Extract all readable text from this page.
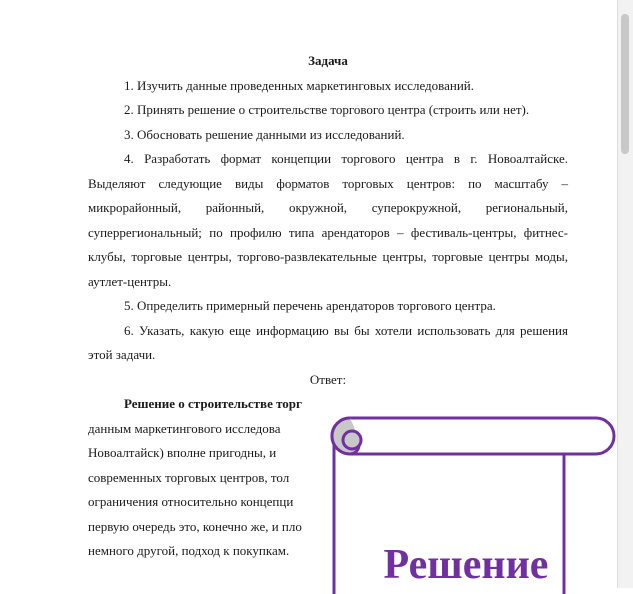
Задача

1. Изучить данные проведенных маркетинговых исследований.

2. Принять решение о строительстве торгового центра (строить или нет).

3. Обосновать решение данными из исследований.

4. Разработать формат концепции торгового центра в г. Новоалтайске. Выделяют следующие виды форматов торговых центров: по масштабу – микрорайонный, районный, окружной, суперокружной, региональный, суперрегиональный; по профилю типа арендаторов – фестиваль-центры, фитнес-клубы, торговые центры, торгово-развлекательные центры, торговые центры моды, аутлет-центры.

5. Определить примерный перечень арендаторов торгового центра.

6. Указать, какую еще информацию вы бы хотели использовать для решения этой задачи.

Ответ:

Решение о строительстве торг

данным маркетингового исследова

Новоалтайск) вполне пригодны, и

современных торговых центров, тол

ограничения относительно концепци

первую очередь это, конечно же, и пло

немного другой, подход к покупкам.	Решение
